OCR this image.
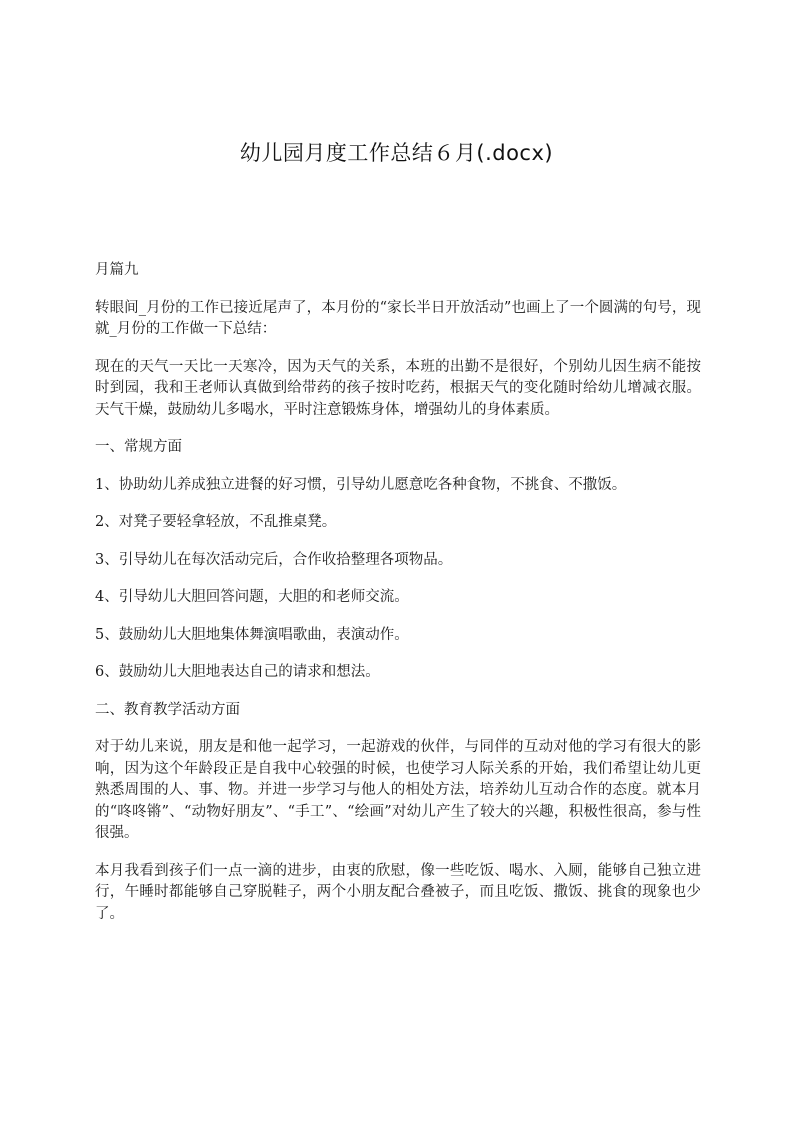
幼儿园月度工作总结６月(.docx)

月篇九

转眼间_月份的工作已接近尾声了，本月份的“家长半日开放活动”也画上了一个圆满的句号，现就_月份的工作做一下总结：

现在的天气一天比一天寒冷，因为天气的关系，本班的出勤不是很好，个别幼儿因生病不能按时到园，我和王老师认真做到给带药的孩子按时吃药，根据天气的变化随时给幼儿增减衣服。天气干燥，鼓励幼儿多喝水，平时注意锻炼身体，增强幼儿的身体素质。

一、常规方面

1、协助幼儿养成独立进餐的好习惯，引导幼儿愿意吃各种食物，不挑食、不撒饭。

2、对凳子要轻拿轻放，不乱推桌凳。

3、引导幼儿在每次活动完后，合作收拾整理各项物品。

4、引导幼儿大胆回答问题，大胆的和老师交流。

5、鼓励幼儿大胆地集体舞演唱歌曲，表演动作。

6、鼓励幼儿大胆地表达自己的请求和想法。

二、教育教学活动方面

对于幼儿来说，朋友是和他一起学习，一起游戏的伙伴，与同伴的互动对他的学习有很大的影响，因为这个年龄段正是自我中心较强的时候，也使学习人际关系的开始，我们希望让幼儿更熟悉周围的人、事、物。并进一步学习与他人的相处方法，培养幼儿互动合作的态度。就本月的“咚咚锵”、“动物好朋友”、“手工”、“绘画”对幼儿产生了较大的兴趣，积极性很高，参与性很强。

本月我看到孩子们一点一滴的进步，由衷的欣慰，像一些吃饭、喝水、入厕，能够自己独立进行，午睡时都能够自己穿脱鞋子，两个小朋友配合叠被子，而且吃饭、撒饭、挑食的现象也少了。
